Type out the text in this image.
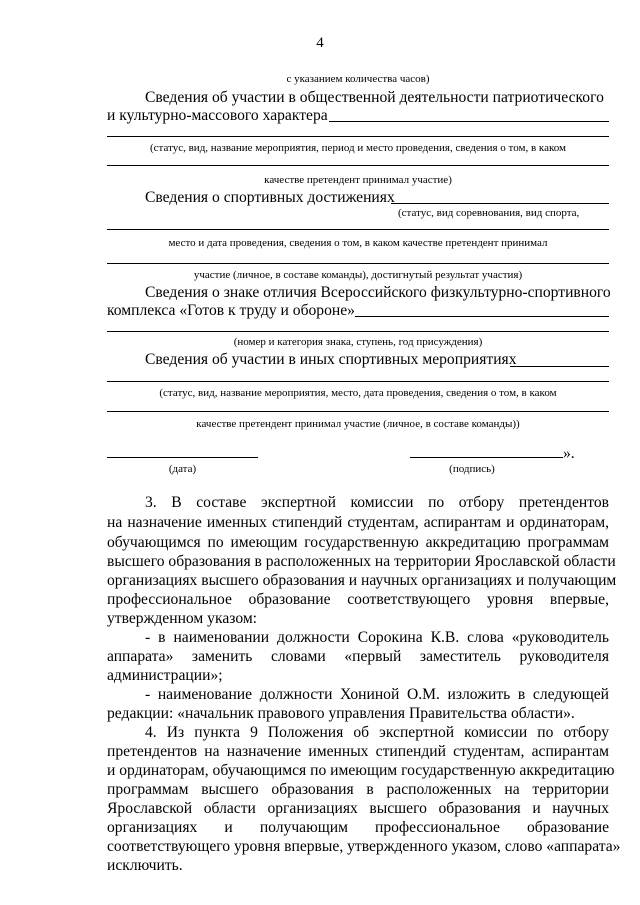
4
с указанием количества часов)
Сведения об участии в общественной деятельности патриотического
и культурно-массового характера
(статус, вид, название мероприятия, период и место проведения, сведения о том, в каком
качестве претендент принимал участие)
Сведения о спортивных достижениях
(статус, вид соревнования, вид спорта,
место и дата проведения, сведения о том, в каком качестве претендент принимал
участие (личное, в составе команды), достигнутый результат участия)
Сведения о знаке отличия Всероссийского физкультурно-спортивного
комплекса «Готов к труду и обороне»
(номер и категория знака, ступень, год присуждения)
Сведения об участии в иных спортивных мероприятиях
(статус, вид, название мероприятия, место, дата проведения, сведения о том, в каком
качестве претендент принимал участие (личное, в составе команды))
».
(дата)	(подпись)
3. В составе экспертной комиссии по отбору претендентов
на назначение именных стипендий студентам, аспирантам и ординаторам,
обучающимся по имеющим государственную аккредитацию программам
высшего образования в расположенных на территории Ярославской области
организациях высшего образования и научных организациях и получающим
профессиональное образование соответствующего уровня впервые,
утвержденном указом:
- в наименовании должности Сорокина К.В. слова «руководитель
аппарата» заменить словами «первый заместитель руководителя
администрации»;
- наименование должности Хониной О.М. изложить в следующей
редакции: «начальник правового управления Правительства области».
4. Из пункта 9 Положения об экспертной комиссии по отбору
претендентов на назначение именных стипендий студентам, аспирантам
и ординаторам, обучающимся по имеющим государственную аккредитацию
программам высшего образования в расположенных на территории
Ярославской области организациях высшего образования и научных
организациях и получающим профессиональное образование
соответствующего уровня впервые, утвержденного указом, слово «аппарата»
исключить.
